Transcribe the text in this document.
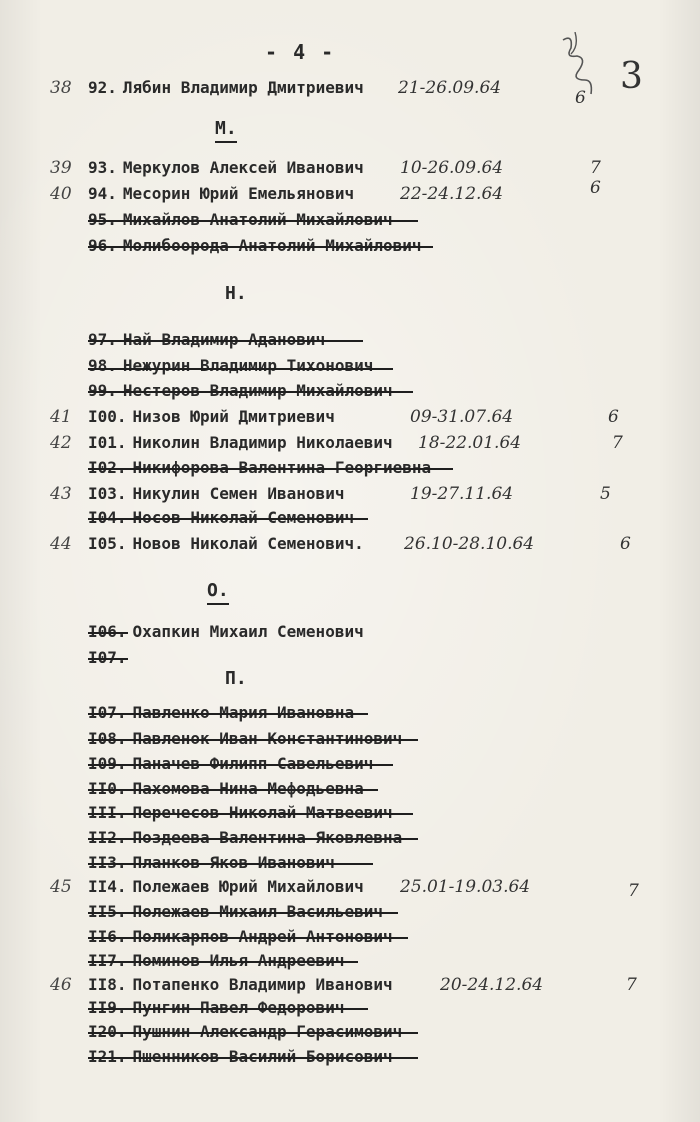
- 4 -
3
М.
Н.
О.
П.
38 92. Лябин Владимир Дмитриевич 21-26.09.64	6
39 93. Меркулов Алексей Иванович 10-26.09.64	7
40 94. Месорин Юрий Емельянович	22-24.12.64	6
95. Михайлов Анатолий Михайлович
96. Молибоорода Анатолий Михайлович
97. Най Владимир Аданович
98. Нежурин Владимир Тихонович
99. Нестеров Владимир Михайлович
41 I00. Низов Юрий Дмитриевич	09-31.07.64	6
42 I01. Николин Владимир Николаевич 18-22.01.64	7
I02. Никифорова Валентина Георгиевна
43 I03. Никулин Семен Иванович	19-27.11.64	5
I04. Носов Николай Семенович
44 I05. Новов Николай Семенович. 26.10-28.10.64	6
I06. Охапкин Михаил Семенович
I07.
I07. Павленко Мария Ивановна
I08. Павленок Иван Константинович
I09. Паначев Филипп Савельевич
II0. Пахомова Нина Мефодьевна
III. Перечесов Николай Матвеевич
II2. Поздеева Валентина Яковлевна
II3. Планков Яков Иванович
45 II4. Полежаев Юрий Михайлович 25.01-19.03.64	7
II5. Полежаев Михаил Васильевич
II6. Поликарпов Андрей Антонович
II7. Поминов Илья Андреевич
46 II8. Потапенко Владимир Иванович	20-24.12.64	7
II9. Пунгин Павел Федорович
I20. Пушнин Александр Герасимович
I21. Пшенников Василий Борисович
